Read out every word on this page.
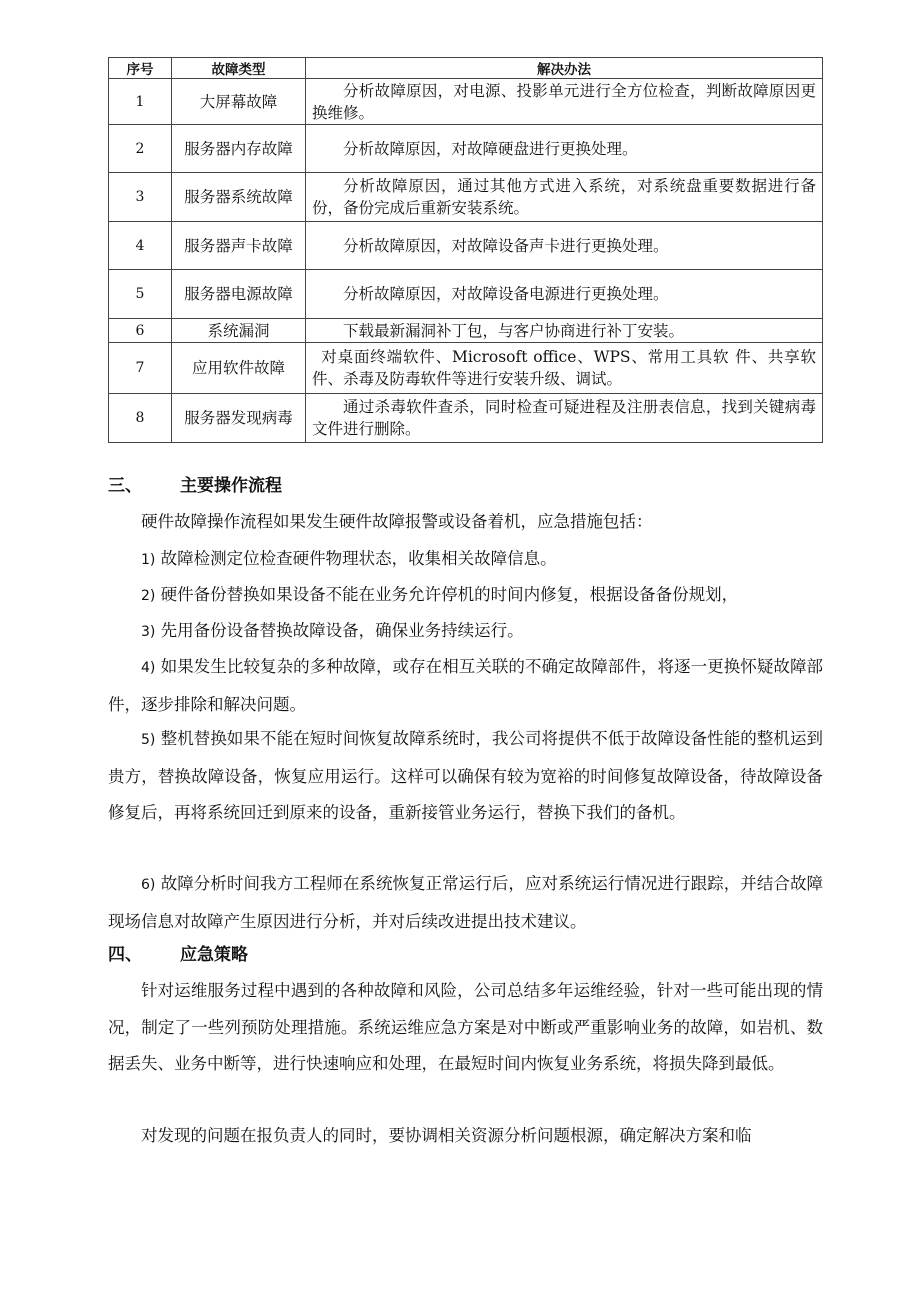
序号	故障类型	解决办法
1	大屏幕故障	分析故障原因，对电源、投影单元进行全方位检查，判断故障原因更换维修。
2	服务器内存故障	分析故障原因，对故障硬盘进行更换处理。
3	服务器系统故障	分析故障原因，通过其他方式进入系统，对系统盘重要数据进行备份，备份完成后重新安装系统。
4	服务器声卡故障	分析故障原因，对故障设备声卡进行更换处理。
5	服务器电源故障	分析故障原因，对故障设备电源进行更换处理。
6	系统漏洞	下载最新漏洞补丁包，与客户协商进行补丁安装。
7	应用软件故障	对桌面终端软件、Microsoft office、WPS、常用工具软 件、共享软件、杀毒及防毒软件等进行安装升级、调试。
8	服务器发现病毒	通过杀毒软件查杀，同时检查可疑进程及注册表信息，找到关键病毒文件进行删除。
三、 主要操作流程
硬件故障操作流程如果发生硬件故障报警或设备着机，应急措施包括：
1) 故障检测定位检查硬件物理状态，收集相关故障信息。
2) 硬件备份替换如果设备不能在业务允许停机的时间内修复，根据设备备份规划，
3) 先用备份设备替换故障设备，确保业务持续运行。
4) 如果发生比较复杂的多种故障，或存在相互关联的不确定故障部件，将逐一更换怀疑故障部件，逐步排除和解决问题。
5) 整机替换如果不能在短时间恢复故障系统时，我公司将提供不低于故障设备性能的整机运到贵方，替换故障设备，恢复应用运行。这样可以确保有较为宽裕的时间修复故障设备，待故障设备修复后，再将系统回迁到原来的设备，重新接管业务运行，替换下我们的备机。
6) 故障分析时间我方工程师在系统恢复正常运行后，应对系统运行情况进行跟踪，并结合故障现场信息对故障产生原因进行分析，并对后续改进提出技术建议。
四、 应急策略
针对运维服务过程中遇到的各种故障和风险，公司总结多年运维经验，针对一些可能出现的情况，制定了一些列预防处理措施。系统运维应急方案是对中断或严重影响业务的故障，如岩机、数据丢失、业务中断等，进行快速响应和处理，在最短时间内恢复业务系统，将损失降到最低。
对发现的问题在报负责人的同时，要协调相关资源分析问题根源，确定解决方案和临
